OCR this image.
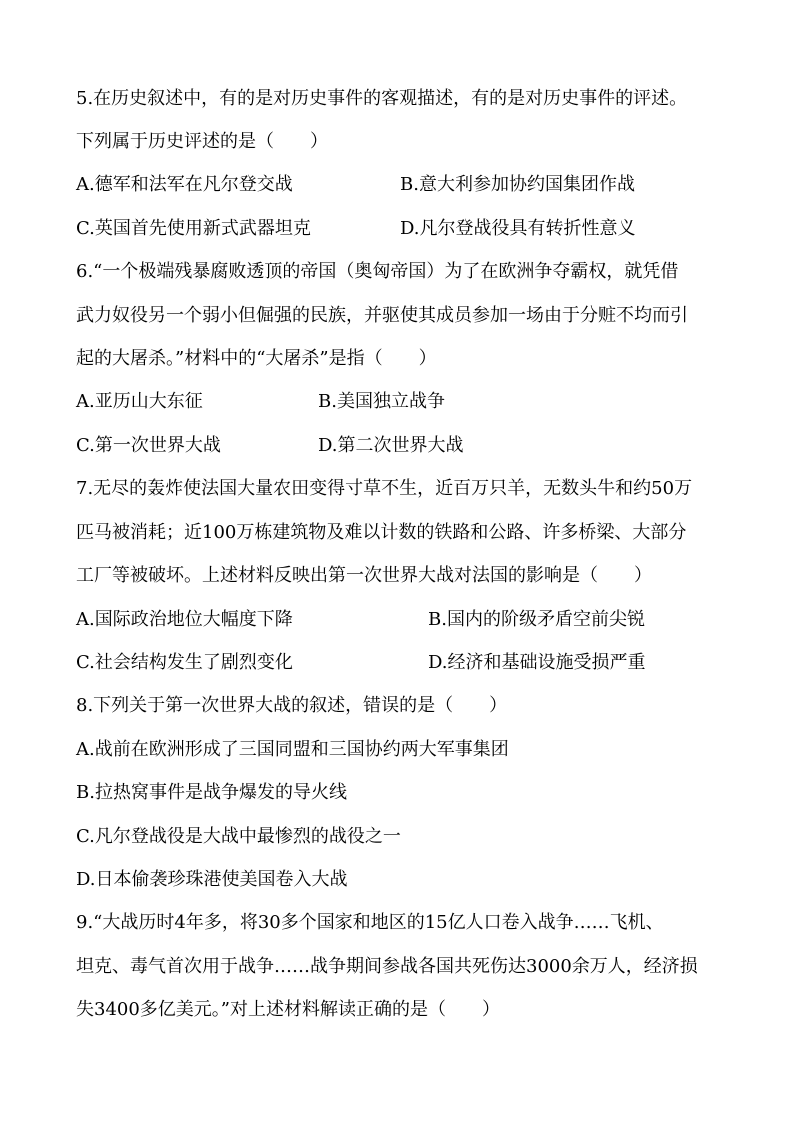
5.在历史叙述中，有的是对历史事件的客观描述，有的是对历史事件的评述。
下列属于历史评述的是（　　）
A.德军和法军在凡尔登交战	B.意大利参加协约国集团作战
C.英国首先使用新式武器坦克	D.凡尔登战役具有转折性意义
6.“一个极端残暴腐败透顶的帝国（奥匈帝国）为了在欧洲争夺霸权，就凭借
武力奴役另一个弱小但倔强的民族，并驱使其成员参加一场由于分赃不均而引
起的大屠杀。”材料中的“大屠杀”是指（　　）
A.亚历山大东征	B.美国独立战争
C.第一次世界大战	D.第二次世界大战
7.无尽的轰炸使法国大量农田变得寸草不生，近百万只羊，无数头牛和约50万
匹马被消耗；近100万栋建筑物及难以计数的铁路和公路、许多桥梁、大部分
工厂等被破坏。上述材料反映出第一次世界大战对法国的影响是（　　）
A.国际政治地位大幅度下降	B.国内的阶级矛盾空前尖锐
C.社会结构发生了剧烈变化	D.经济和基础设施受损严重
8.下列关于第一次世界大战的叙述，错误的是（　　）
A.战前在欧洲形成了三国同盟和三国协约两大军事集团
B.拉热窝事件是战争爆发的导火线
C.凡尔登战役是大战中最惨烈的战役之一
D.日本偷袭珍珠港使美国卷入大战
9.“大战历时4年多，将30多个国家和地区的15亿人口卷入战争……飞机、
坦克、毒气首次用于战争……战争期间参战各国共死伤达3000余万人，经济损
失3400多亿美元。”对上述材料解读正确的是（　　）
